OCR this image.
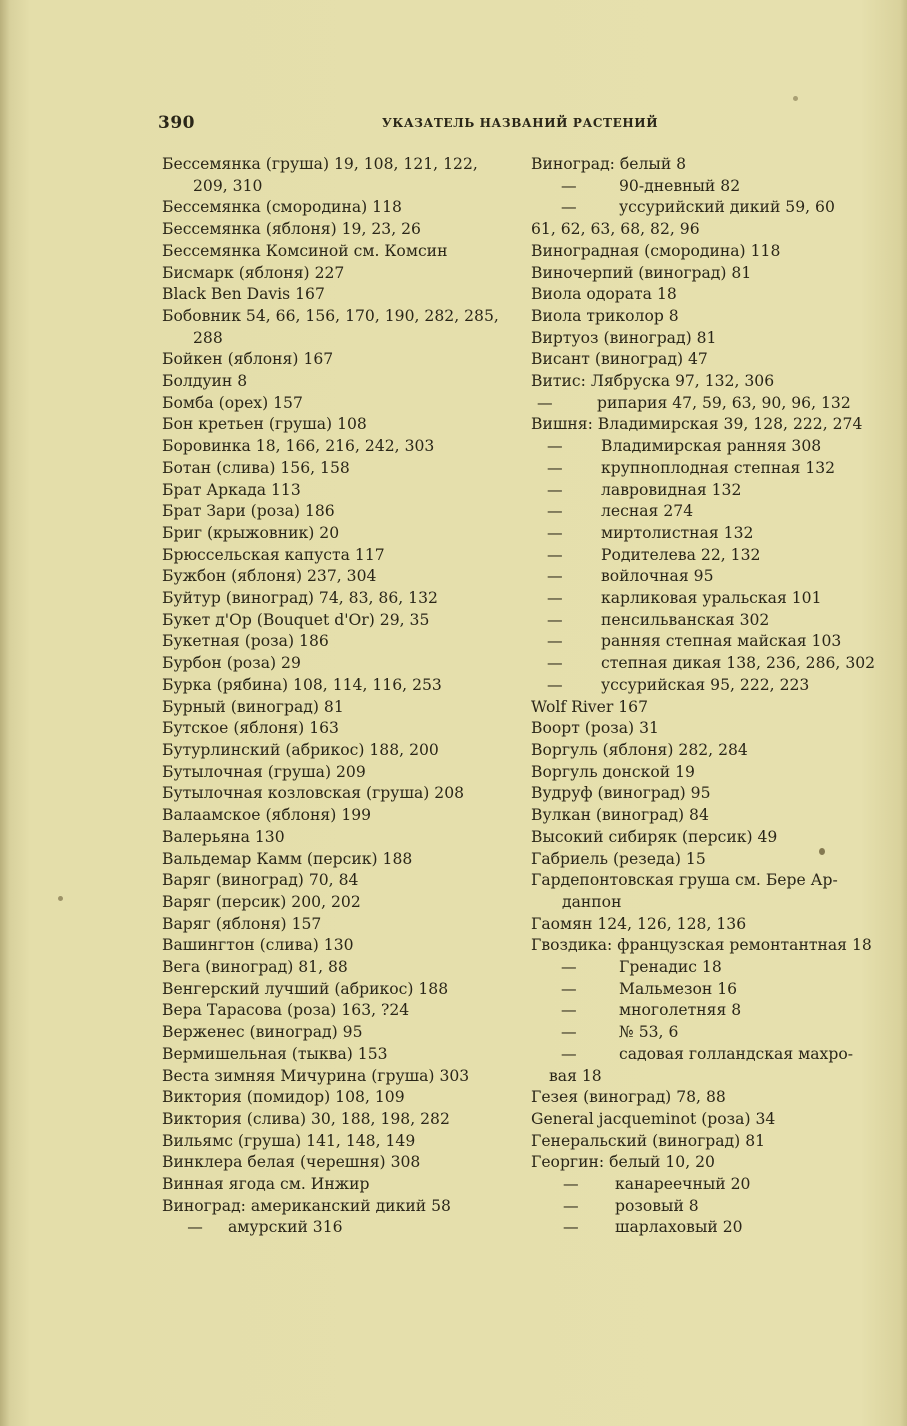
390	УКАЗАТЕЛЬ НАЗВАНИЙ РАСТЕНИЙ
Бессемянка (груша) 19, 108, 121, 122,
209, 310
Бессемянка (смородина) 118
Бессемянка (яблоня) 19, 23, 26
Бессемянка Комсиной см. Комсин
Бисмарк (яблоня) 227
Black Ben Davis 167
Бобовник 54, 66, 156, 170, 190, 282, 285,
288
Бойкен (яблоня) 167
Болдуин 8
Бомба (орех) 157
Бон кретьен (груша) 108
Боровинка 18, 166, 216, 242, 303
Ботан (слива) 156, 158
Брат Аркада 113
Брат Зари (роза) 186
Бриг (крыжовник) 20
Брюссельская капуста 117
Бужбон (яблоня) 237, 304
Буйтур (виноград) 74, 83, 86, 132
Букет д'Ор (Bouquet d'Or) 29, 35
Букетная (роза) 186
Бурбон (роза) 29
Бурка (рябина) 108, 114, 116, 253
Бурный (виноград) 81
Бутское (яблоня) 163
Бутурлинский (абрикос) 188, 200
Бутылочная (груша) 209
Бутылочная козловская (груша) 208
Валаамское (яблоня) 199
Валерьяна 130
Вальдемар Камм (персик) 188
Варяг (виноград) 70, 84
Варяг (персик) 200, 202
Варяг (яблоня) 157
Вашингтон (слива) 130
Вега (виноград) 81, 88
Венгерский лучший (абрикос) 188
Вера Тарасова (роза) 163, ?24
Верженес (виноград) 95
Вермишельная (тыква) 153
Веста зимняя Мичурина (груша) 303
Виктория (помидор) 108, 109
Виктория (слива) 30, 188, 198, 282
Вильямс (груша) 141, 148, 149
Винклера белая (черешня) 308
Винная ягода см. Инжир
Виноград: американский дикий 58
— амурский 316
Виноград: белый 8
—	90-дневный 82
—	уссурийский дикий 59, 60
61, 62, 63, 68, 82, 96
Виноградная (смородина) 118
Виночерпий (виноград) 81
Виола одората 18
Виола триколор 8
Виртуоз (виноград) 81
Висант (виноград) 47
Витис: Лябруска 97, 132, 306
—	рипария 47, 59, 63, 90, 96, 132
Вишня: Владимирская 39, 128, 222, 274
— Владимирская ранняя 308
— крупноплодная степная 132
— лавровидная 132
— лесная 274
— миртолистная 132
— Родителева 22, 132
— войлочная 95
— карликовая уральская 101
— пенсильванская 302
— ранняя степная майская 103
— степная дикая 138, 236, 286, 302
— уссурийская 95, 222, 223
Wolf River 167
Воорт (роза) 31
Воргуль (яблоня) 282, 284
Воргуль донской 19
Вудруф (виноград) 95
Вулкан (виноград) 84
Высокий сибиряк (персик) 49
Габриель (резеда) 15
Гардепонтовская груша см. Бере Ар-
данпон
Гаомян 124, 126, 128, 136
Гвоздика: французская ремонтантная 18
—	Гренадис 18
—	Мальмезон 16
—	многолетняя 8
—	№ 53, 6
—	садовая голландская махро-
вая 18
Гезея (виноград) 78, 88
General jacqueminot (роза) 34
Генеральский (виноград) 81
Георгин: белый 10, 20
— канареечный 20
— розовый 8
— шарлаховый 20
